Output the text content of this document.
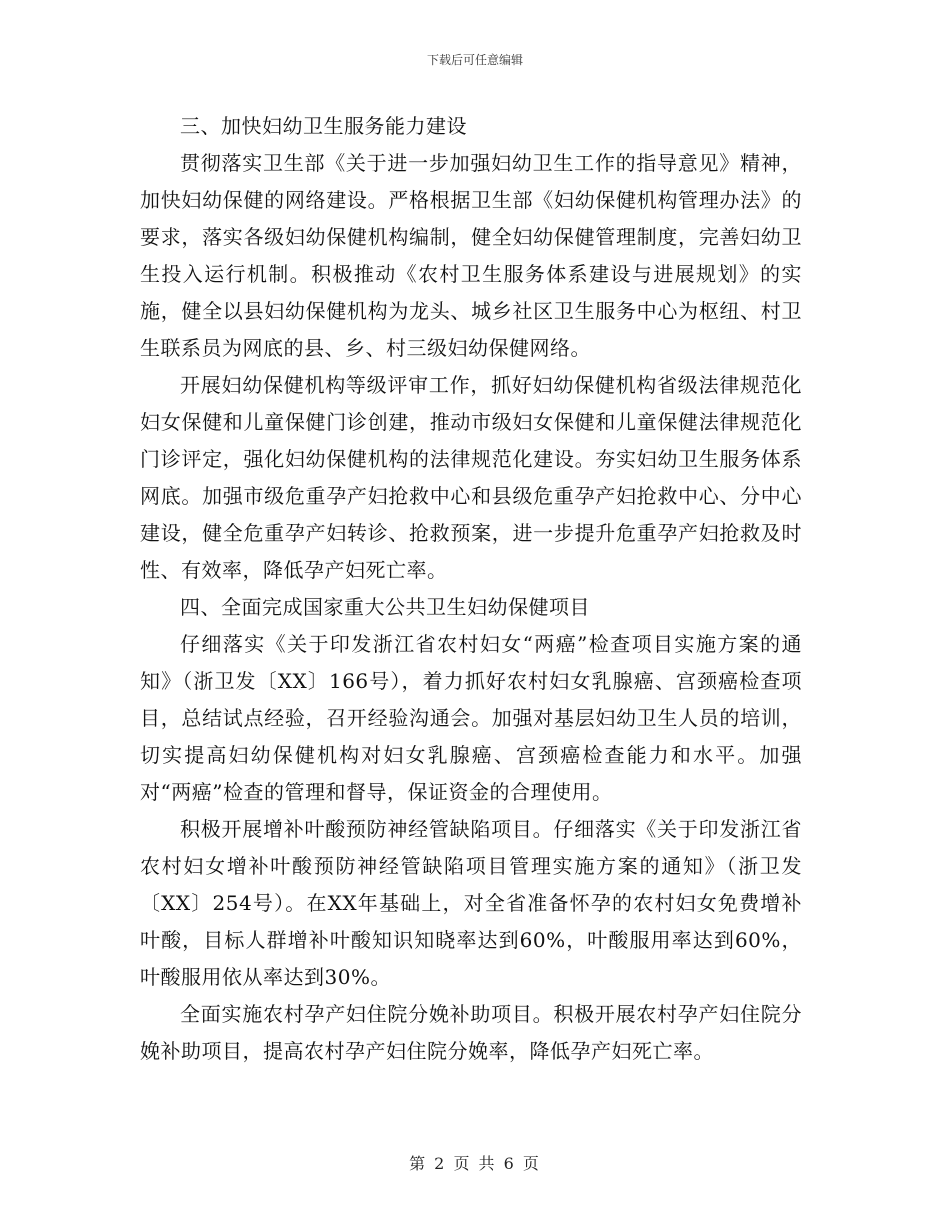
下载后可任意编辑

三、加快妇幼卫生服务能力建设

贯彻落实卫生部《关于进一步加强妇幼卫生工作的指导意见》精神，加快妇幼保健的网络建设。严格根据卫生部《妇幼保健机构管理办法》的要求，落实各级妇幼保健机构编制，健全妇幼保健管理制度，完善妇幼卫生投入运行机制。积极推动《农村卫生服务体系建设与进展规划》的实施，健全以县妇幼保健机构为龙头、城乡社区卫生服务中心为枢纽、村卫生联系员为网底的县、乡、村三级妇幼保健网络。

开展妇幼保健机构等级评审工作，抓好妇幼保健机构省级法律规范化妇女保健和儿童保健门诊创建，推动市级妇女保健和儿童保健法律规范化门诊评定，强化妇幼保健机构的法律规范化建设。夯实妇幼卫生服务体系网底。加强市级危重孕产妇抢救中心和县级危重孕产妇抢救中心、分中心建设，健全危重孕产妇转诊、抢救预案，进一步提升危重孕产妇抢救及时性、有效率，降低孕产妇死亡率。

四、全面完成国家重大公共卫生妇幼保健项目

仔细落实《关于印发浙江省农村妇女“两癌”检查项目实施方案的通知》（浙卫发〔XX〕166号），着力抓好农村妇女乳腺癌、宫颈癌检查项目，总结试点经验，召开经验沟通会。加强对基层妇幼卫生人员的培训，切实提高妇幼保健机构对妇女乳腺癌、宫颈癌检查能力和水平。加强对“两癌”检查的管理和督导，保证资金的合理使用。

积极开展增补叶酸预防神经管缺陷项目。仔细落实《关于印发浙江省农村妇女增补叶酸预防神经管缺陷项目管理实施方案的通知》（浙卫发〔XX〕254号）。在XX年基础上，对全省准备怀孕的农村妇女免费增补叶酸，目标人群增补叶酸知识知晓率达到60%，叶酸服用率达到60%，叶酸服用依从率达到30%。

全面实施农村孕产妇住院分娩补助项目。积极开展农村孕产妇住院分娩补助项目，提高农村孕产妇住院分娩率，降低孕产妇死亡率。

第 2 页 共 6 页
